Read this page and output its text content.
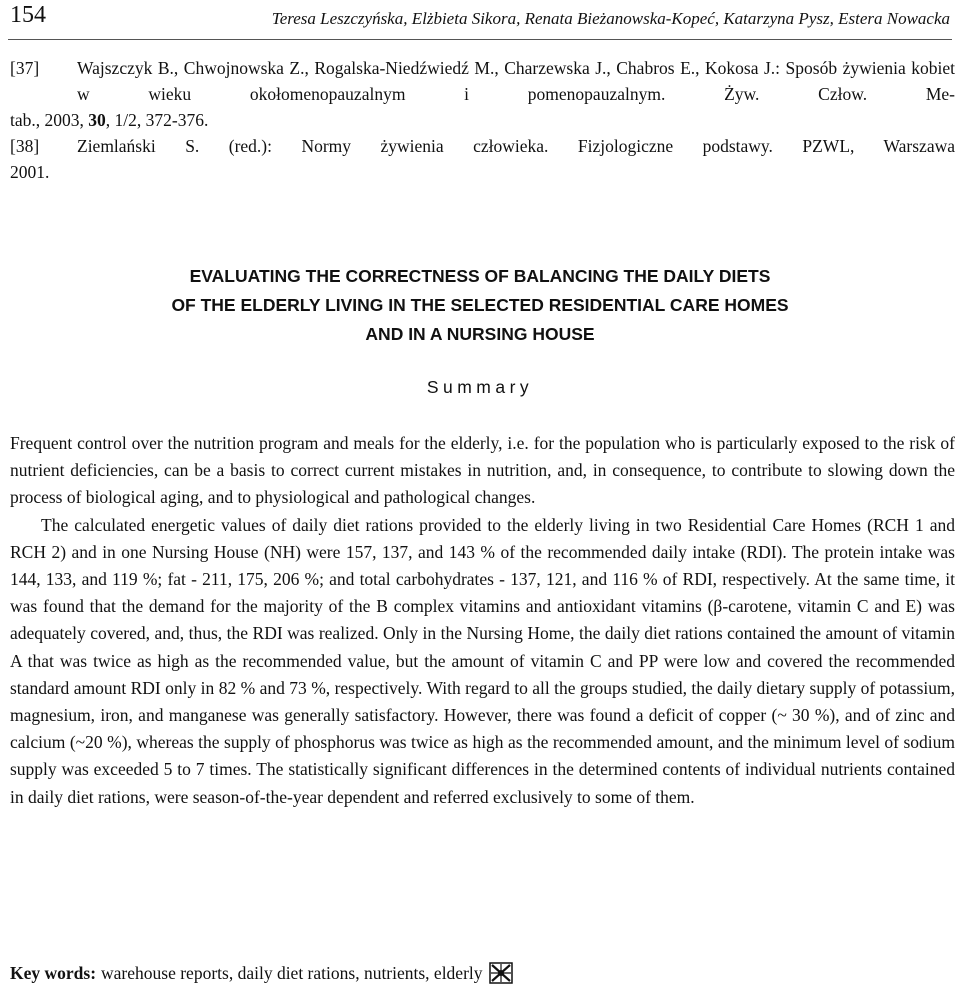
154	Teresa Leszczyńska, Elżbieta Sikora, Renata Bieżanowska-Kopeć, Katarzyna Pysz, Estera Nowacka
[37]	Wajszczyk B., Chwojnowska Z., Rogalska-Niedźwiedź M., Charzewska J., Chabros E., Kokosa J.: Sposób żywienia kobiet w wieku okołomenopauzalnym i pomenopauzalnym. Żyw. Człow. Me-
tab., 2003, 30, 1/2, 372-376.
[38]	Ziemlański S. (red.): Normy żywienia człowieka. Fizjologiczne podstawy. PZWL, Warszawa
2001.
EVALUATING THE CORRECTNESS OF BALANCING THE DAILY DIETS
OF THE ELDERLY LIVING IN THE SELECTED RESIDENTIAL CARE HOMES
AND IN A NURSING HOUSE
Summary

Frequent control over the nutrition program and meals for the elderly, i.e. for the population who is particularly exposed to the risk of nutrient deficiencies, can be a basis to correct current mistakes in nutrition, and, in consequence, to contribute to slowing down the process of biological aging, and to physiological and pathological changes.

The calculated energetic values of daily diet rations provided to the elderly living in two Residential Care Homes (RCH 1 and RCH 2) and in one Nursing House (NH) were 157, 137, and 143 % of the recommended daily intake (RDI). The protein intake was 144, 133, and 119 %; fat - 211, 175, 206 %; and total carbohydrates - 137, 121, and 116 % of RDI, respectively. At the same time, it was found that the demand for the majority of the B complex vitamins and antioxidant vitamins (β-carotene, vitamin C and E) was adequately covered, and, thus, the RDI was realized. Only in the Nursing Home, the daily diet rations contained the amount of vitamin A that was twice as high as the recommended value, but the amount of vitamin C and PP were low and covered the recommended standard amount RDI only in 82 % and 73 %, respectively. With regard to all the groups studied, the daily dietary supply of potassium, magnesium, iron, and manganese was generally satisfactory. However, there was found a deficit of copper (~ 30 %), and of zinc and calcium (~20 %), whereas the supply of phosphorus was twice as high as the recommended amount, and the minimum level of sodium supply was exceeded 5 to 7 times. The statistically significant differences in the determined contents of individual nutrients contained in daily diet rations, were season-of-the-year dependent and referred exclusively to some of them.

Key words: warehouse reports, daily diet rations, nutrients, elderly
